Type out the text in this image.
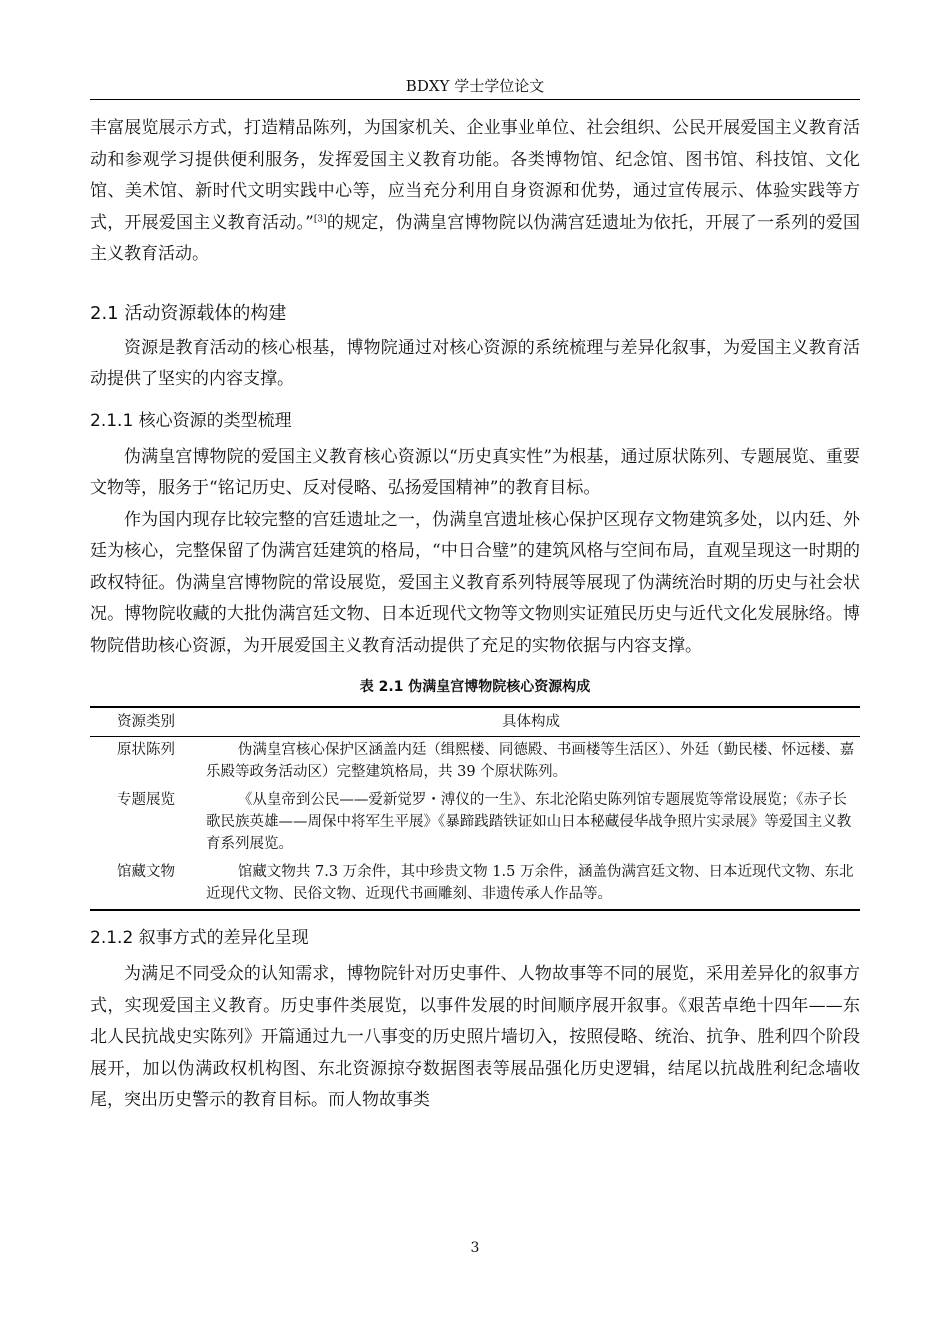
BDXY 学士学位论文

丰富展览展示方式，打造精品陈列，为国家机关、企业事业单位、社会组织、公民开展爱国主义教育活动和参观学习提供便利服务，发挥爱国主义教育功能。各类博物馆、纪念馆、图书馆、科技馆、文化馆、美术馆、新时代文明实践中心等，应当充分利用自身资源和优势，通过宣传展示、体验实践等方式，开展爱国主义教育活动。”[3]的规定，伪满皇宫博物院以伪满宫廷遗址为依托，开展了一系列的爱国主义教育活动。

2.1 活动资源载体的构建

资源是教育活动的核心根基，博物院通过对核心资源的系统梳理与差异化叙事，为爱国主义教育活动提供了坚实的内容支撑。

2.1.1 核心资源的类型梳理

伪满皇宫博物院的爱国主义教育核心资源以“历史真实性”为根基，通过原状陈列、专题展览、重要文物等，服务于“铭记历史、反对侵略、弘扬爱国精神”的教育目标。

作为国内现存比较完整的宫廷遗址之一，伪满皇宫遗址核心保护区现存文物建筑多处，以内廷、外廷为核心，完整保留了伪满宫廷建筑的格局，“中日合璧”的建筑风格与空间布局，直观呈现这一时期的政权特征。伪满皇宫博物院的常设展览，爱国主义教育系列特展等展现了伪满统治时期的历史与社会状况。博物院收藏的大批伪满宫廷文物、日本近现代文物等文物则实证殖民历史与近代文化发展脉络。博物院借助核心资源，为开展爱国主义教育活动提供了充足的实物依据与内容支撑。

表 2.1 伪满皇宫博物院核心资源构成
资源类别	具体构成
原状陈列	伪满皇宫核心保护区涵盖内廷（缉熙楼、同德殿、书画楼等生活区）、外廷（勤民楼、怀远楼、嘉乐殿等政务活动区）完整建筑格局，共 39 个原状陈列。
专题展览	《从皇帝到公民——爱新觉罗・溥仪的一生》、东北沦陷史陈列馆专题展览等常设展览；《赤子长歌民族英雄——周保中将军生平展》《暴蹄践踏铁证如山日本秘藏侵华战争照片实录展》等爱国主义教育系列展览。
馆藏文物	馆藏文物共 7.3 万余件，其中珍贵文物 1.5 万余件，涵盖伪满宫廷文物、日本近现代文物、东北近现代文物、民俗文物、近现代书画雕刻、非遗传承人作品等。
2.1.2 叙事方式的差异化呈现

为满足不同受众的认知需求，博物院针对历史事件、人物故事等不同的展览，采用差异化的叙事方式，实现爱国主义教育。历史事件类展览，以事件发展的时间顺序展开叙事。《艰苦卓绝十四年——东北人民抗战史实陈列》开篇通过九一八事变的历史照片墙切入，按照侵略、统治、抗争、胜利四个阶段展开，加以伪满政权机构图、东北资源掠夺数据图表等展品强化历史逻辑，结尾以抗战胜利纪念墙收尾，突出历史警示的教育目标。而人物故事类

3
